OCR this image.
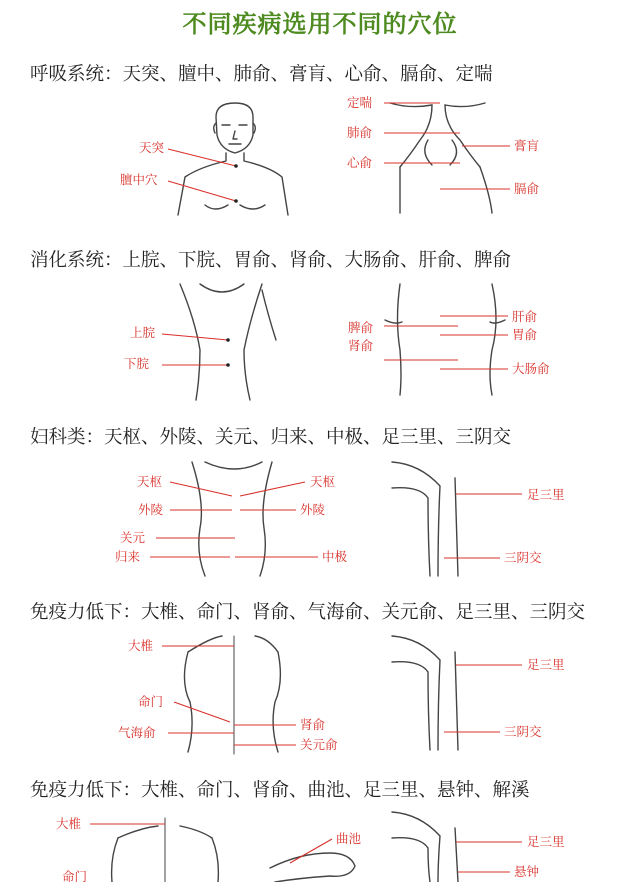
不同疾病选用不同的穴位
呼吸系统：天突、膻中、肺俞、膏肓、心俞、膈俞、定喘
天突
膻中穴
定喘
肺俞
心俞
膏肓
膈俞
消化系统：上脘、下脘、胃俞、肾俞、大肠俞、肝俞、脾俞
上脘
下脘
脾俞
肾俞
肝俞
胃俞
大肠俞
妇科类：天枢、外陵、关元、归来、中极、足三里、三阴交
天枢
外陵
关元
归来
天枢
外陵
中极
足三里
三阴交
免疫力低下：大椎、命门、肾俞、气海俞、关元俞、足三里、三阴交
大椎
命门
气海俞
肾俞
关元俞
足三里
三阴交
免疫力低下：大椎、命门、肾俞、曲池、足三里、悬钟、解溪
大椎
命门
曲池	足三里
悬钟
